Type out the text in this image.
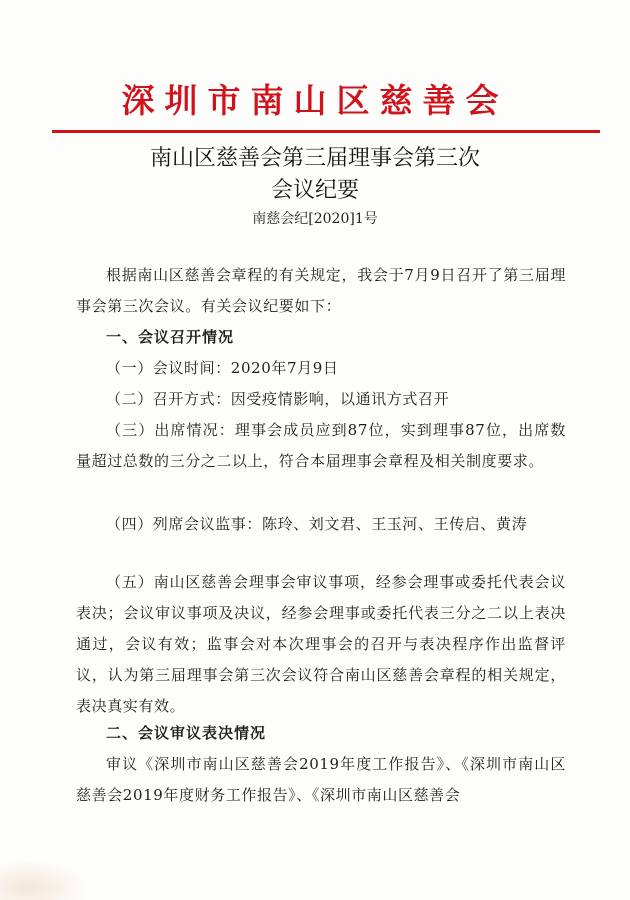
深圳市南山区慈善会
南山区慈善会第三届理事会第三次
会议纪要
南慈会纪[2020]1号
根据南山区慈善会章程的有关规定，我会于7月9日召开了第三届理事会第三次会议。有关会议纪要如下：
一、会议召开情况
（一）会议时间：2020年7月9日
（二）召开方式：因受疫情影响，以通讯方式召开
（三）出席情况：理事会成员应到87位，实到理事87位，出席数量超过总数的三分之二以上，符合本届理事会章程及相关制度要求。
（四）列席会议监事：陈玲、刘文君、王玉河、王传启、黄涛
（五）南山区慈善会理事会审议事项，经参会理事或委托代表会议表决；会议审议事项及决议，经参会理事或委托代表三分之二以上表决通过，会议有效；监事会对本次理事会的召开与表决程序作出监督评议，认为第三届理事会第三次会议符合南山区慈善会章程的相关规定，表决真实有效。
二、会议审议表决情况
审议《深圳市南山区慈善会2019年度工作报告》、《深圳市南山区慈善会2019年度财务工作报告》、《深圳市南山区慈善会
